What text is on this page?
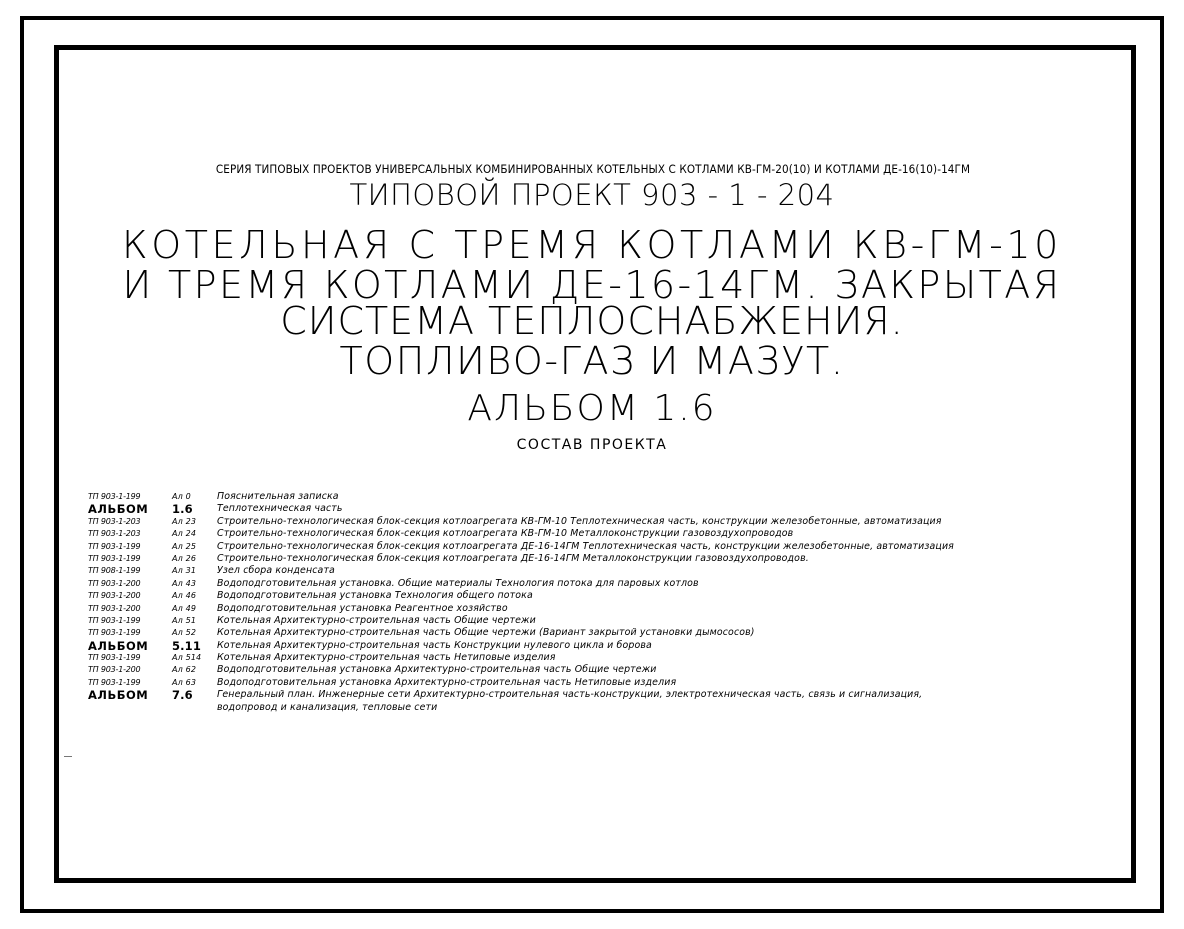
СЕРИЯ ТИПОВЫХ ПРОЕКТОВ УНИВЕРСАЛЬНЫХ КОМБИНИРОВАННЫХ КОТЕЛЬНЫХ С КОТЛАМИ КВ-ГМ-20(10) И КОТЛАМИ ДЕ-16(10)-14ГМ
ТИПОВОЙ ПРОЕКТ 903 - 1 - 204
КОТЕЛЬНАЯ С ТРЕМЯ КОТЛАМИ КВ-ГМ-10
И ТРЕМЯ КОТЛАМИ ДЕ-16-14ГМ. ЗАКРЫТАЯ
СИСТЕМА ТЕПЛОСНАБЖЕНИЯ.
ТОПЛИВО-ГАЗ И МАЗУТ.
АЛЬБОМ 1.6
СОСТАВ ПРОЕКТА
ТП 903-1-199	Ал 0	Пояснительная записка
АЛЬБОМ	1.6	Теплотехническая часть
ТП 903-1-203	Ал 23	Строительно-технологическая блок-секция котлоагрегата КВ-ГМ-10 Теплотехническая часть, конструкции железобетонные, автоматизация
ТП 903-1-203	Ал 24	Строительно-технологическая блок-секция котлоагрегата КВ-ГМ-10 Металлоконструкции газовоздухопроводов
ТП 903-1-199	Ал 25	Строительно-технологическая блок-секция котлоагрегата ДЕ-16-14ГМ Теплотехническая часть, конструкции железобетонные, автоматизация
ТП 903-1-199	Ал 26	Строительно-технологическая блок-секция котлоагрегата ДЕ-16-14ГМ Металлоконструкции газовоздухопроводов.
ТП 908-1-199	Ал 31	Узел сбора конденсата
ТП 903-1-200	Ал 43	Водоподготовительная установка. Общие материалы Технология потока для паровых котлов
ТП 903-1-200	Ал 46	Водоподготовительная установка Технология общего потока
ТП 903-1-200	Ал 49	Водоподготовительная установка Реагентное хозяйство
ТП 903-1-199	Ал 51	Котельная Архитектурно-строительная часть Общие чертежи
ТП 903-1-199	Ал 52	Котельная Архитектурно-строительная часть Общие чертежи (Вариант закрытой установки дымососов)
АЛЬБОМ	5.11	Котельная Архитектурно-строительная часть Конструкции нулевого цикла и борова
ТП 903-1-199	Ал 514	Котельная Архитектурно-строительная часть Нетиповые изделия
ТП 903-1-200	Ал 62	Водоподготовительная установка Архитектурно-строительная часть Общие чертежи
ТП 903-1-199	Ал 63	Водоподготовительная установка Архитектурно-строительная часть Нетиповые изделия
АЛЬБОМ	7.6	Генеральный план. Инженерные сети Архитектурно-строительная часть-конструкции, электротехническая часть, связь и сигнализация,
водопровод и канализация, тепловые сети
